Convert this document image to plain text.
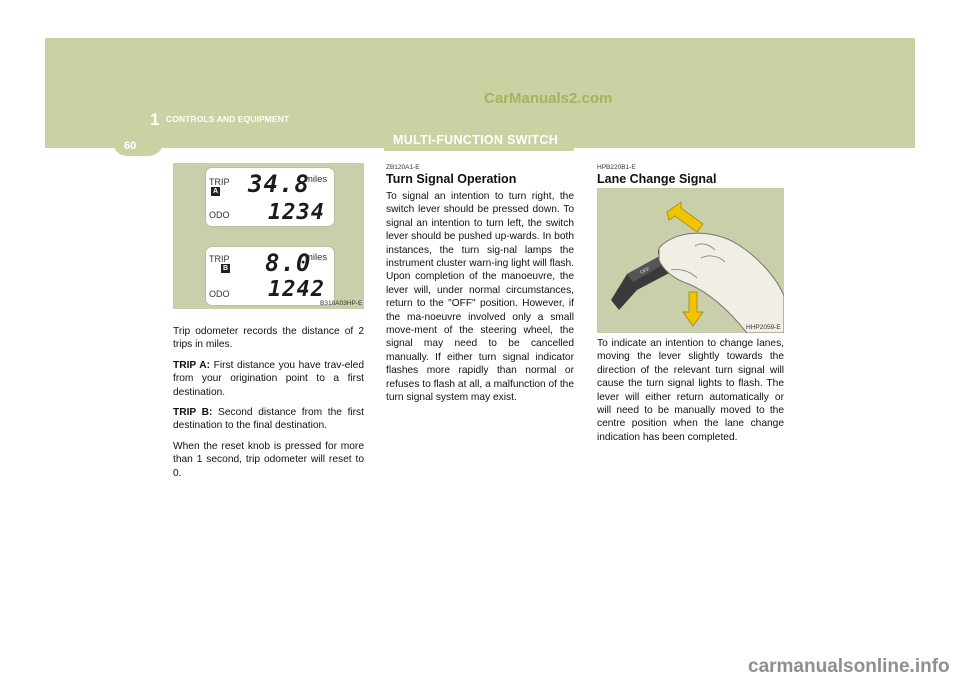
CarManuals2.com
1 CONTROLS AND EQUIPMENT
MULTI-FUNCTION SWITCH
60
TRIP
A 34.8
miles
ODO 1234
TRIP
B 8.0
miles
ODO 1242
B310A03HP-E

Trip odometer records the distance of 2 trips in miles.

TRIP A: First distance you have trav-eled from your origination point to a first destination.

TRIP B: Second distance from the first destination to the final destination.

When the reset knob is pressed for more than 1 second, trip odometer will reset to 0.

ZB120A1-E
Turn Signal Operation
To signal an intention to turn right, the switch lever should be pressed down. To signal an intention to turn left, the switch lever should be pushed up-wards. In both instances, the turn sig-nal lamps the instrument cluster warn-ing light will flash. Upon completion of the manoeuvre, the lever will, under normal circumstances, return to the "OFF" position. However, if the ma-noeuvre involved only a small move-ment of the steering wheel, the signal may need to be cancelled manually. If either turn signal indicator flashes more rapidly than normal or refuses to flash at all, a malfunction of the turn signal system may exist.
HPB220B1-E
Lane Change Signal
OFF
HHP2059-E
To indicate an intention to change lanes, moving the lever slightly towards the direction of the relevant turn signal will cause the turn signal lights to flash. The lever will either return automatically or will need to be manually moved to the centre position when the lane change indication has been completed.
carmanualsonline.info
